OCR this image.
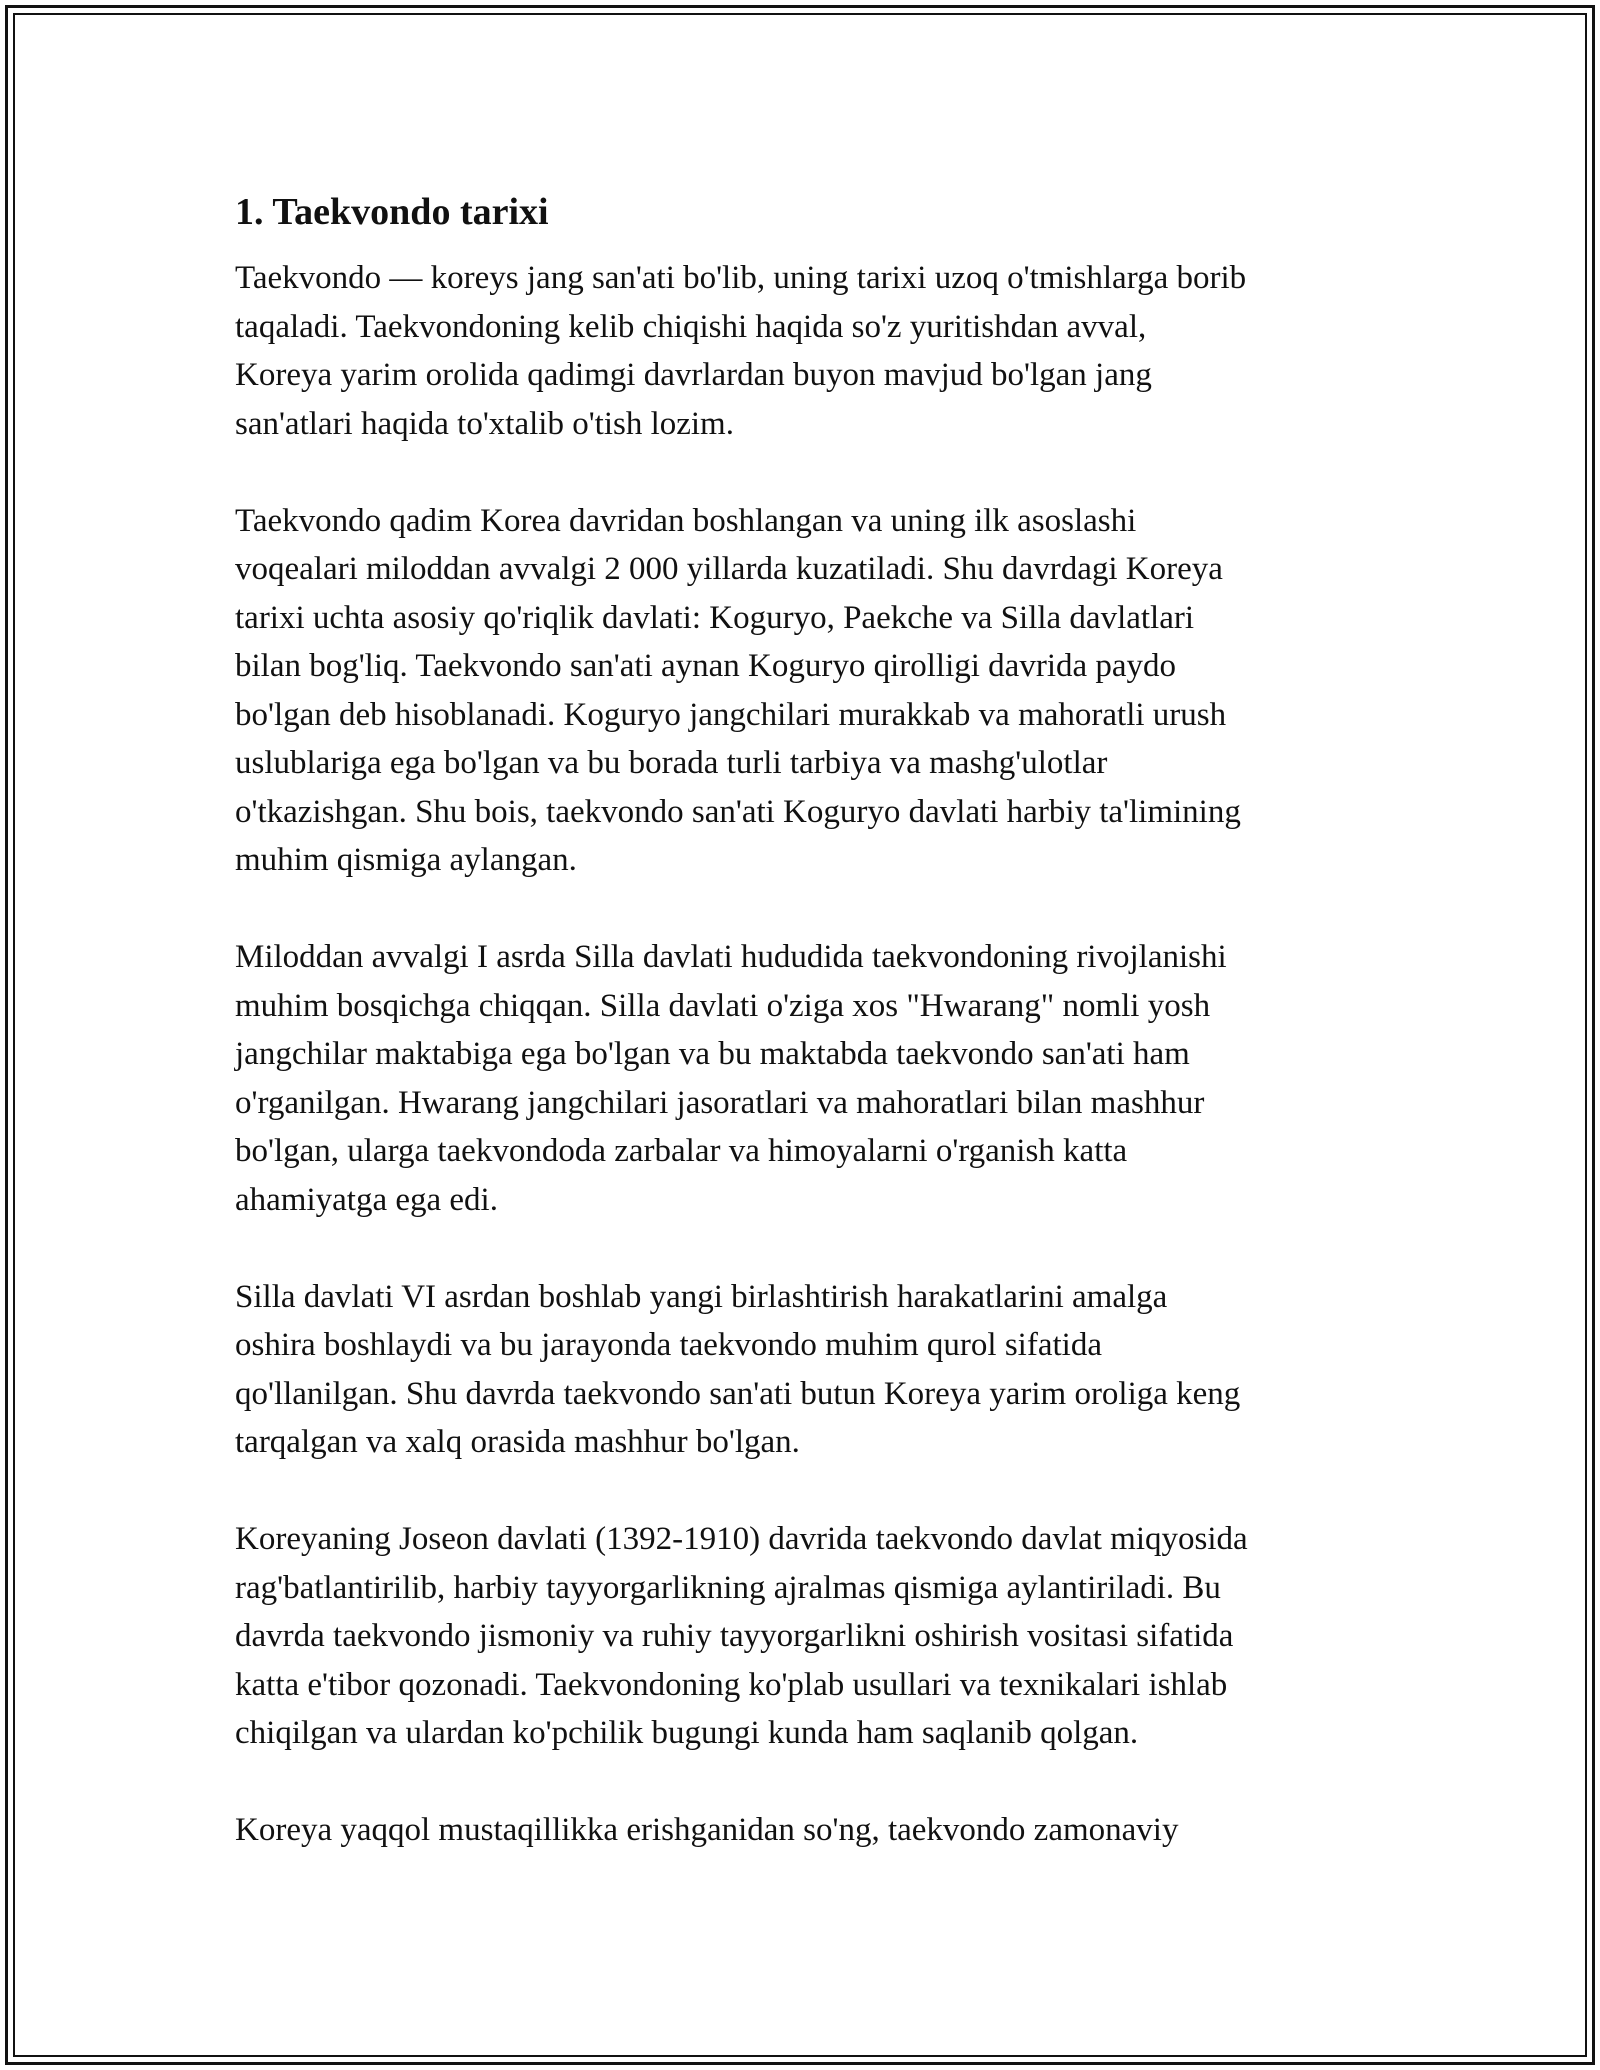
1. Taekvondo tarixi

Taekvondo — koreys jang san'ati bo'lib, uning tarixi uzoq o'tmishlarga borib
taqaladi. Taekvondoning kelib chiqishi haqida so'z yuritishdan avval,
Koreya yarim orolida qadimgi davrlardan buyon mavjud bo'lgan jang
san'atlari haqida to'xtalib o'tish lozim.

Taekvondo qadim Korea davridan boshlangan va uning ilk asoslashi
voqealari miloddan avvalgi 2 000 yillarda kuzatiladi. Shu davrdagi Koreya
tarixi uchta asosiy qo'riqlik davlati: Koguryo, Paekche va Silla davlatlari
bilan bog'liq. Taekvondo san'ati aynan Koguryo qirolligi davrida paydo
bo'lgan deb hisoblanadi. Koguryo jangchilari murakkab va mahoratli urush
uslublariga ega bo'lgan va bu borada turli tarbiya va mashg'ulotlar
o'tkazishgan. Shu bois, taekvondo san'ati Koguryo davlati harbiy ta'limining
muhim qismiga aylangan.

Miloddan avvalgi I asrda Silla davlati hududida taekvondoning rivojlanishi
muhim bosqichga chiqqan. Silla davlati o'ziga xos "Hwarang" nomli yosh
jangchilar maktabiga ega bo'lgan va bu maktabda taekvondo san'ati ham
o'rganilgan. Hwarang jangchilari jasoratlari va mahoratlari bilan mashhur
bo'lgan, ularga taekvondoda zarbalar va himoyalarni o'rganish katta
ahamiyatga ega edi.

Silla davlati VI asrdan boshlab yangi birlashtirish harakatlarini amalga
oshira boshlaydi va bu jarayonda taekvondo muhim qurol sifatida
qo'llanilgan. Shu davrda taekvondo san'ati butun Koreya yarim oroliga keng
tarqalgan va xalq orasida mashhur bo'lgan.

Koreyaning Joseon davlati (1392-1910) davrida taekvondo davlat miqyosida
rag'batlantirilib, harbiy tayyorgarlikning ajralmas qismiga aylantiriladi. Bu
davrda taekvondo jismoniy va ruhiy tayyorgarlikni oshirish vositasi sifatida
katta e'tibor qozonadi. Taekvondoning ko'plab usullari va texnikalari ishlab
chiqilgan va ulardan ko'pchilik bugungi kunda ham saqlanib qolgan.

Koreya yaqqol mustaqillikka erishganidan so'ng, taekvondo zamonaviy
